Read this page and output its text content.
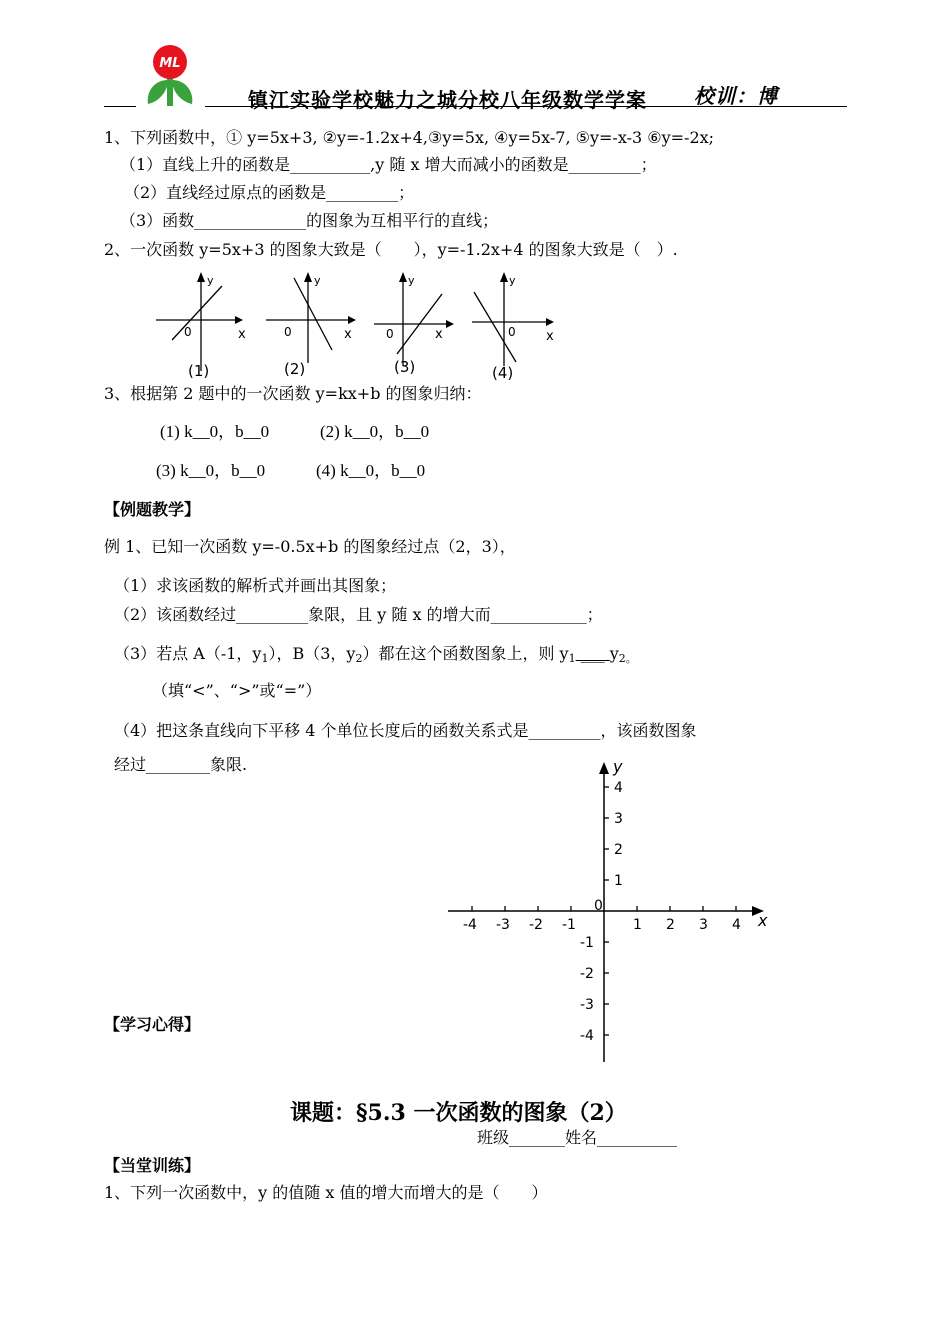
ML
镇江实验学校魅力之城分校八年级数学学案 校训：博
1、下列函数中，① y=5x+3, ②y=-1.2x+4,③y=5x, ④y=5x-7, ⑤y=-x-3 ⑥y=-2x;
（1）直线上升的函数是__________,y 随 x 增大而减小的函数是_________；
（2）直线经过原点的函数是_________；
（3）函数______________的图象为互相平行的直线；
2、一次函数 y=5x+3 的图象大致是（　　），y=-1.2x+4 的图象大致是（　）.
y
x
0
(1)
y
x
0
(2)
y
x
0
(3)
y
x
0
(4)
3、根据第 2 题中的一次函数 y=kx+b 的图象归纳：
(1) k__0，b__0	(2) k__0，b__0
(3) k__0，b__0	(4) k__0，b__0
【例题教学】
例 1、已知一次函数 y=-0.5x+b 的图象经过点（2，3），
（1）求该函数的解析式并画出其图象；
（2）该函数经过_________象限，且 y 随 x 的增大而____________；
（3）若点 A（-1，$y_1$），B（3，$y_2$）都在这个函数图象上，则 $y_1$ ___ $y_{2。}$
（填“<”、“>”或“=”）
（4）把这条直线向下平移 4 个单位长度后的函数关系式是_________，该函数图象
经过________象限.
x
y
-4 -3 -2 -1
0
1 2 3 4
4
3
2
1
-1
-2
-3
-4
【学习心得】
课题：§5.3 一次函数的图象（2）
班级_______姓名__________
【当堂训练】
1、下列一次函数中，y 的值随 x 值的增大而增大的是（　　）
